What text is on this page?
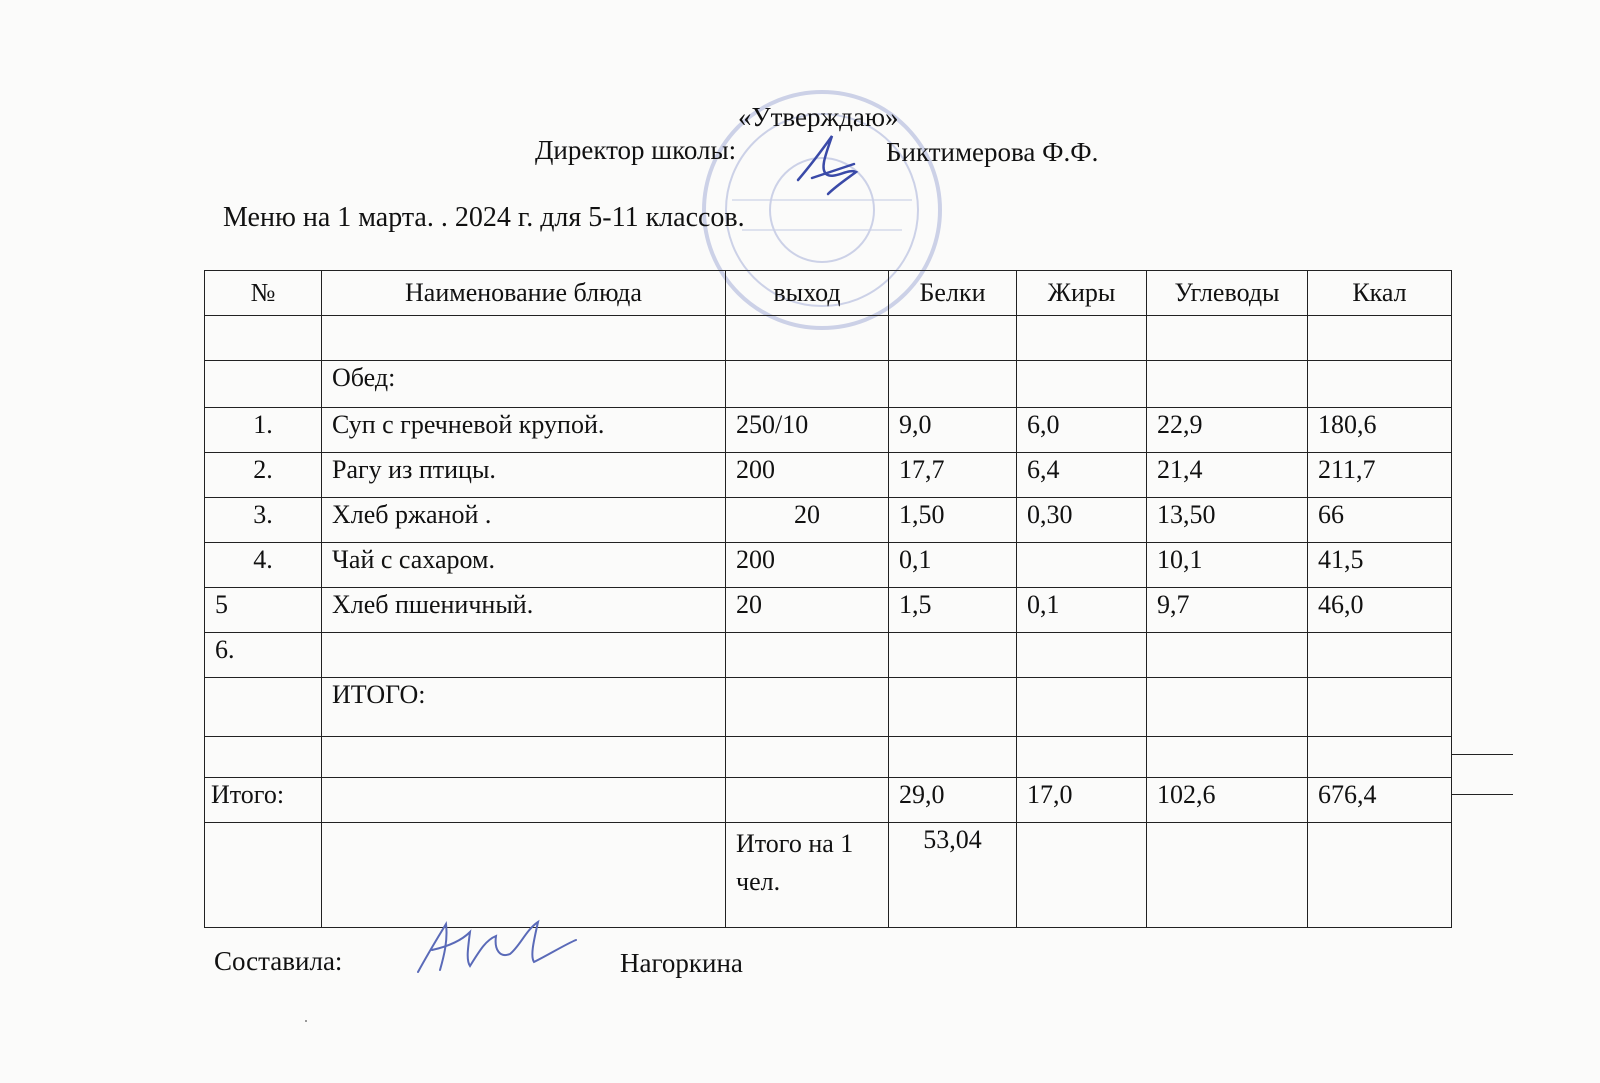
«Утверждаю»
Директор школы:	Биктимерова Ф.Ф.
Меню на 1 марта. . 2024 г. для 5-11 классов.
№	Наименование блюда	выход	Белки	Жиры	Углеводы	Ккал

	Обед:					
1.	Суп с гречневой крупой.	250/10	9,0	6,0	22,9	180,6
2.	Рагу из птицы.	200	17,7	6,4	21,4	211,7
3.	Хлеб ржаной .	20	1,50	0,30	13,50	66
4.	Чай с сахаром.	200	0,1		10,1	41,5
5	Хлеб пшеничный.	20	1,5	0,1	9,7	46,0
6.						
	ИТОГО:					

Итого:			29,0	17,0	102,6	676,4
		Итого на 1 чел.	53,04			
Составила:	Нагоркина
